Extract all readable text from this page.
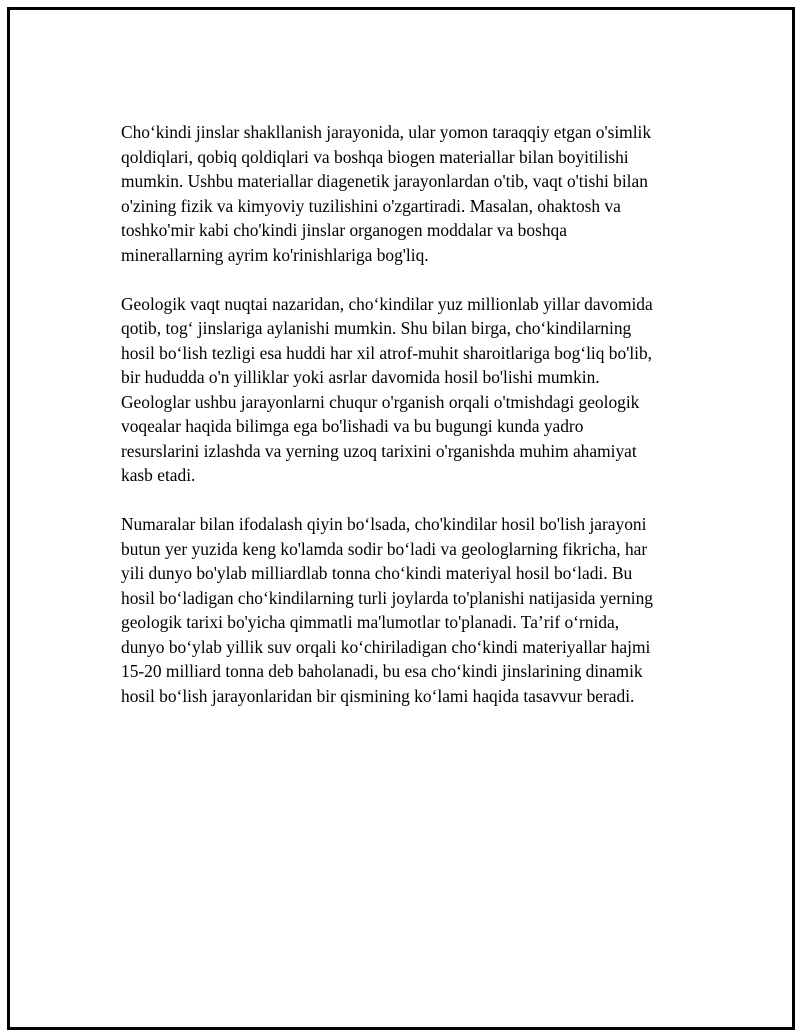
Cho‘kindi jinslar shakllanish jarayonida, ular yomon taraqqiy etgan o'simlik
qoldiqlari, qobiq qoldiqlari va boshqa biogen materiallar bilan boyitilishi
mumkin. Ushbu materiallar diagenetik jarayonlardan o'tib, vaqt o'tishi bilan
o'zining fizik va kimyoviy tuzilishini o'zgartiradi. Masalan, ohaktosh va
toshko'mir kabi cho'kindi jinslar organogen moddalar va boshqa
minerallarning ayrim ko'rinishlariga bog'liq.

Geologik vaqt nuqtai nazaridan, cho‘kindilar yuz millionlab yillar davomida
qotib, tog‘ jinslariga aylanishi mumkin. Shu bilan birga, cho‘kindilarning
hosil bo‘lish tezligi esa huddi har xil atrof-muhit sharoitlariga bog‘liq bo'lib,
bir hududda o'n yilliklar yoki asrlar davomida hosil bo'lishi mumkin.
Geologlar ushbu jarayonlarni chuqur o'rganish orqali o'tmishdagi geologik
voqealar haqida bilimga ega bo'lishadi va bu bugungi kunda yadro
resurslarini izlashda va yerning uzoq tarixini o'rganishda muhim ahamiyat
kasb etadi.

Numaralar bilan ifodalash qiyin bo‘lsada, cho'kindilar hosil bo'lish jarayoni
butun yer yuzida keng ko'lamda sodir bo‘ladi va geologlarning fikricha, har
yili dunyo bo'ylab milliardlab tonna cho‘kindi materiyal hosil bo‘ladi. Bu
hosil bo‘ladigan cho‘kindilarning turli joylarda to'planishi natijasida yerning
geologik tarixi bo'yicha qimmatli ma'lumotlar to'planadi. Ta’rif o‘rnida,
dunyo bo‘ylab yillik suv orqali ko‘chiriladigan cho‘kindi materiyallar hajmi
15-20 milliard tonna deb baholanadi, bu esa cho‘kindi jinslarining dinamik
hosil bo‘lish jarayonlaridan bir qismining ko‘lami haqida tasavvur beradi.
